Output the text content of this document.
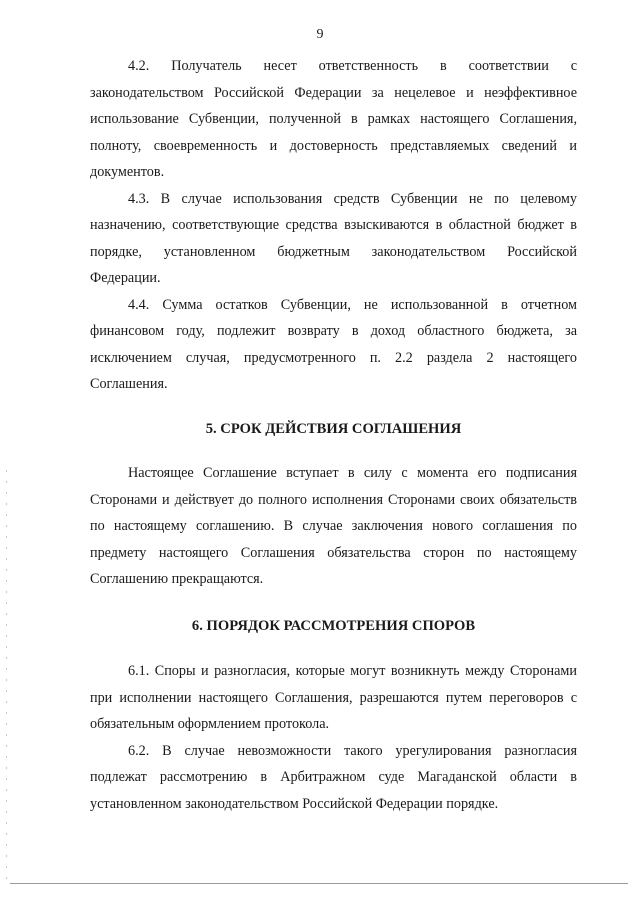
9

4.2. Получатель несет ответственность в соответствии с законодательством Российской Федерации за нецелевое и неэффективное использование Субвенции, полученной в рамках настоящего Соглашения, полноту, своевременность и достоверность представляемых сведений и документов.

4.3. В случае использования средств Субвенции не по целевому назначению, соответствующие средства взыскиваются в областной бюджет в порядке, установленном бюджетным законодательством Российской Федерации.

4.4. Сумма остатков Субвенции, не использованной в отчетном финансовом году, подлежит возврату в доход областного бюджета, за исключением случая, предусмотренного п. 2.2 раздела 2 настоящего Соглашения.

5. СРОК ДЕЙСТВИЯ СОГЛАШЕНИЯ

Настоящее Соглашение вступает в силу с момента его подписания Сторонами и действует до полного исполнения Сторонами своих обязательств по настоящему соглашению. В случае заключения нового соглашения по предмету настоящего Соглашения обязательства сторон по настоящему Соглашению прекращаются.

6. ПОРЯДОК РАССМОТРЕНИЯ СПОРОВ

6.1. Споры и разногласия, которые могут возникнуть между Сторонами при исполнении настоящего Соглашения, разрешаются путем переговоров с обязательным оформлением протокола.

6.2. В случае невозможности такого урегулирования разногласия подлежат рассмотрению в Арбитражном суде Магаданской области в установленном законодательством Российской Федерации порядке.
